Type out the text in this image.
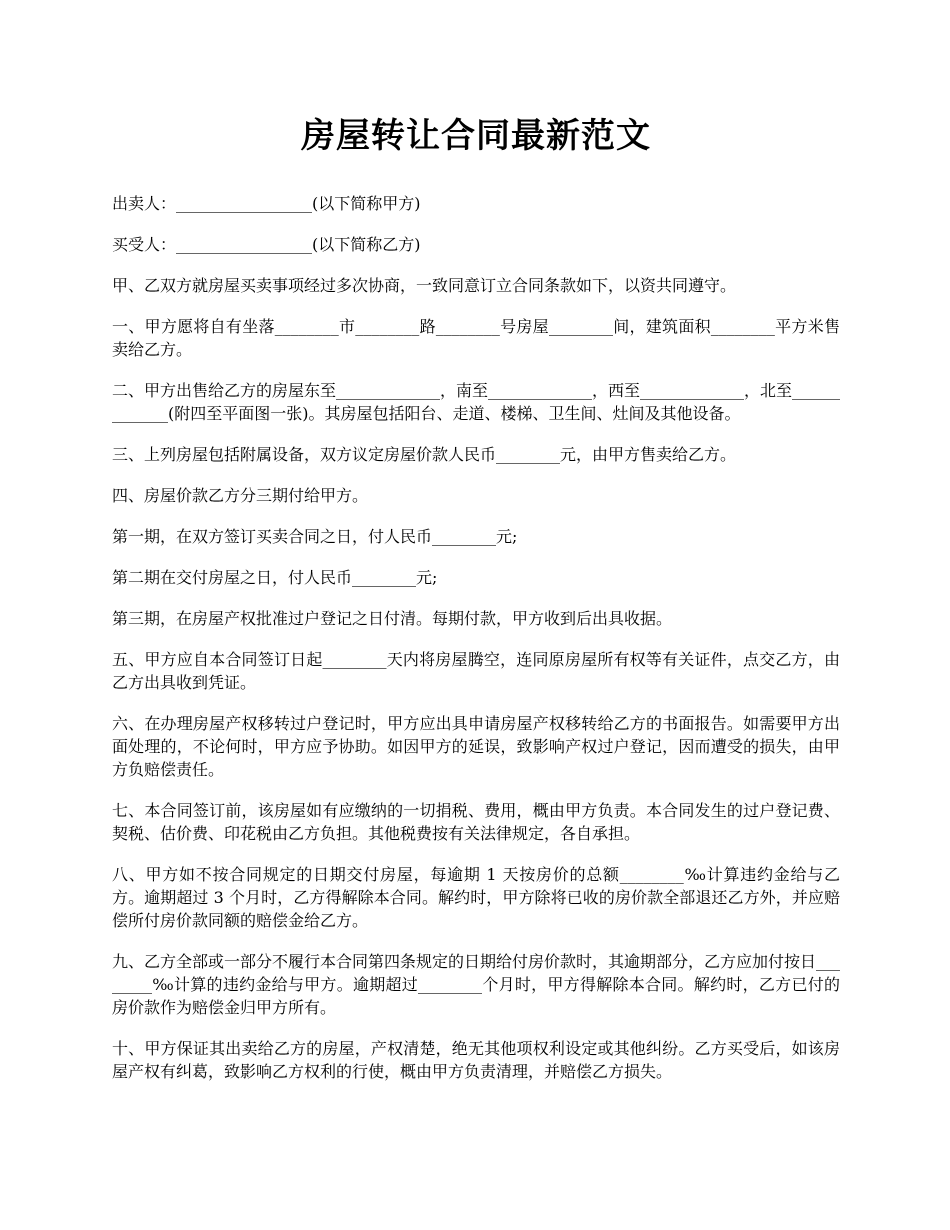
房屋转让合同最新范文

出卖人：_________________(以下简称甲方)

买受人：_________________(以下简称乙方)

甲、乙双方就房屋买卖事项经过多次协商，一致同意订立合同条款如下，以资共同遵守。

一、甲方愿将自有坐落________市________路________号房屋________间，建筑面积________平方米售卖给乙方。

二、甲方出售给乙方的房屋东至_____________，南至_____________，西至_____________，北至_____________(附四至平面图一张)。其房屋包括阳台、走道、楼梯、卫生间、灶间及其他设备。

三、上列房屋包括附属设备，双方议定房屋价款人民币________元，由甲方售卖给乙方。

四、房屋价款乙方分三期付给甲方。

第一期，在双方签订买卖合同之日，付人民币________元;

第二期在交付房屋之日，付人民币________元;

第三期，在房屋产权批准过户登记之日付清。每期付款，甲方收到后出具收据。

五、甲方应自本合同签订日起________天内将房屋腾空，连同原房屋所有权等有关证件，点交乙方，由乙方出具收到凭证。

六、在办理房屋产权移转过户登记时，甲方应出具申请房屋产权移转给乙方的书面报告。如需要甲方出面处理的，不论何时，甲方应予协助。如因甲方的延误，致影响产权过户登记，因而遭受的损失，由甲方负赔偿责任。

七、本合同签订前，该房屋如有应缴纳的一切捐税、费用，概由甲方负责。本合同发生的过户登记费、契税、估价费、印花税由乙方负担。其他税费按有关法律规定，各自承担。

八、甲方如不按合同规定的日期交付房屋，每逾期 1 天按房价的总额________‰计算违约金给与乙方。逾期超过 3 个月时，乙方得解除本合同。解约时，甲方除将已收的房价款全部退还乙方外，并应赔偿所付房价款同额的赔偿金给乙方。

九、乙方全部或一部分不履行本合同第四条规定的日期给付房价款时，其逾期部分，乙方应加付按日________‰计算的违约金给与甲方。逾期超过________个月时，甲方得解除本合同。解约时，乙方已付的房价款作为赔偿金归甲方所有。

十、甲方保证其出卖给乙方的房屋，产权清楚，绝无其他项权利设定或其他纠纷。乙方买受后，如该房屋产权有纠葛，致影响乙方权利的行使，概由甲方负责清理，并赔偿乙方损失。
